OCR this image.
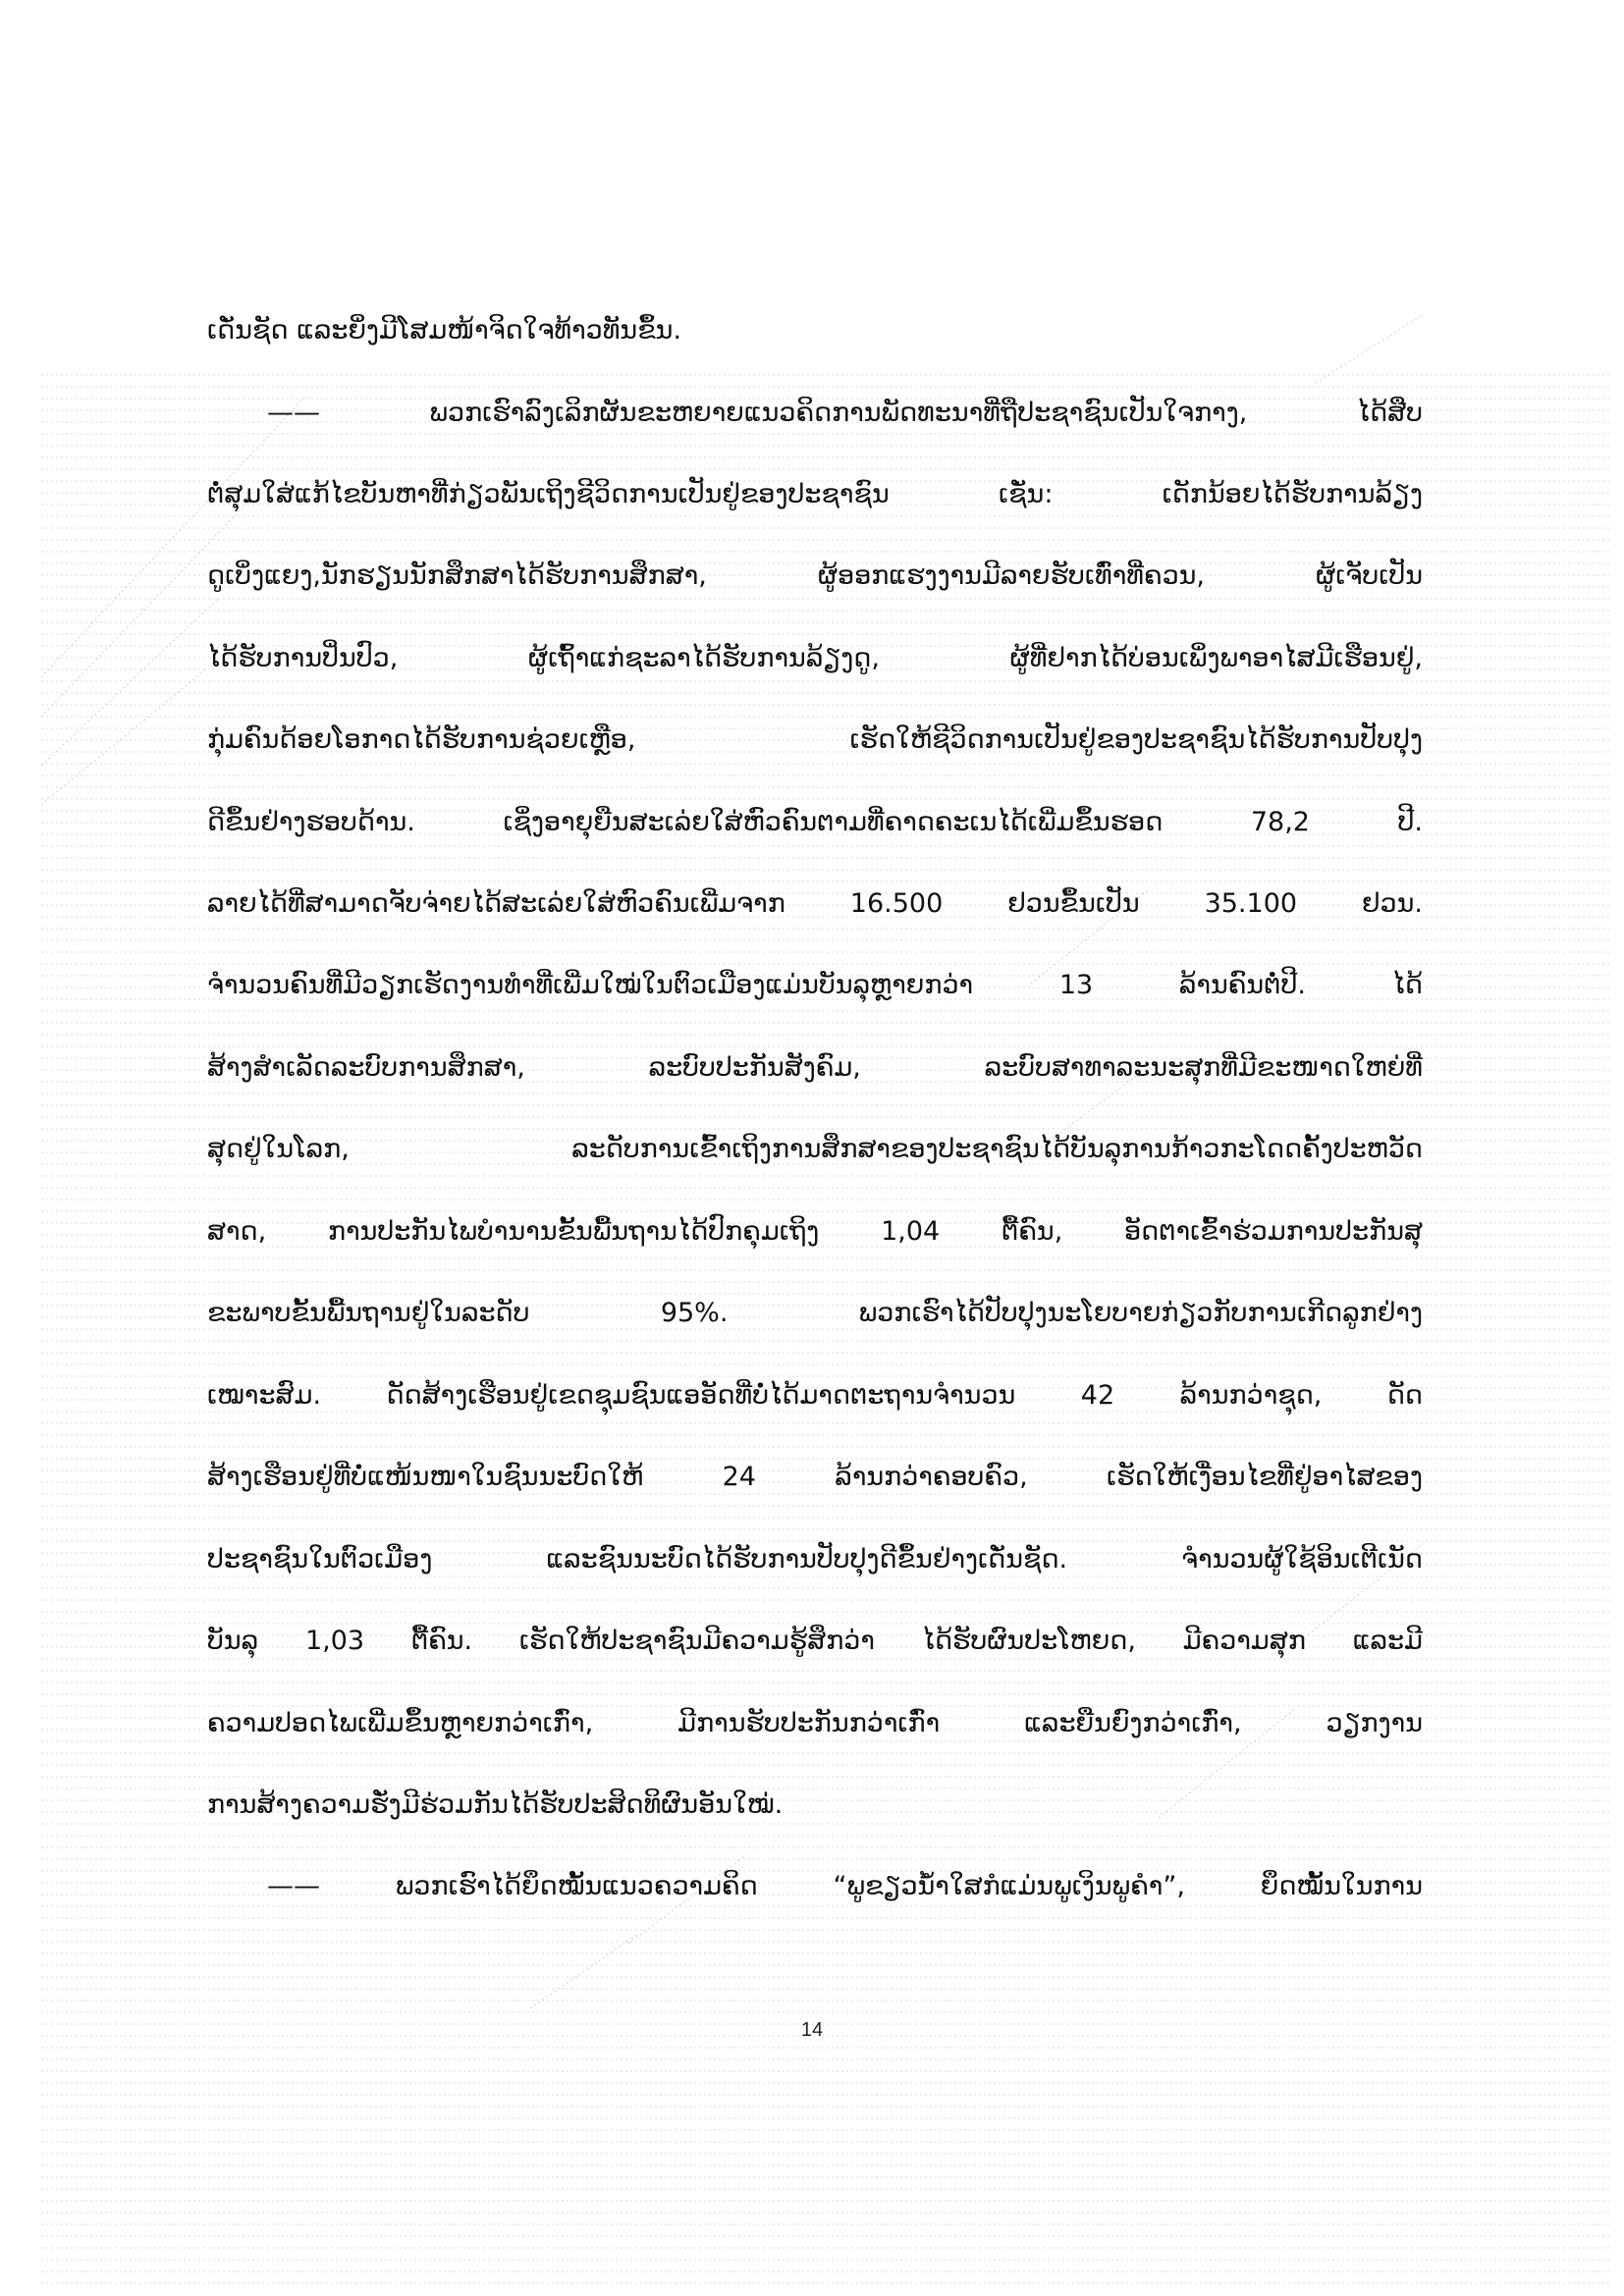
ເດັ່ນຊັດ ແລະຍິ່ງມີໂສມໜ້າຈິດໃຈທ້າວທັນຂຶ້ນ.
—— ພວກເຮົາລົງເລິກຜັນຂະຫຍາຍແນວຄິດການພັດທະນາທີ່ຖືປະຊາຊົນເປັນໃຈກາງ, ໄດ້ສືບ
ຕໍ່ສຸມໃສ່ແກ້ໄຂບັນຫາທີ່ກ່ຽວພັນເຖິງຊີວິດການເປັນຢູ່ຂອງປະຊາຊົນ ເຊັ່ນ: ເດັກນ້ອຍໄດ້ຮັບການລ້ຽງ
ດູເບິ່ງແຍງ,ນັກຮຽນນັກສຶກສາໄດ້ຮັບການສຶກສາ, ຜູ້ອອກແຮງງານມີລາຍຮັບເທົ່າທີ່ຄວນ, ຜູ້ເຈັບເປັນ
ໄດ້ຮັບການປິ່ນປົວ, ຜູ້ເຖົ້າແກ່ຊະລາໄດ້ຮັບການລ້ຽງດູ, ຜູ້ທີ່ຢາກໄດ້ບ່ອນເພິ່ງພາອາໄສມີເຮືອນຢູ່,
ກຸ່ມຄົນດ້ອຍໂອກາດໄດ້ຮັບການຊ່ວຍເຫຼືອ, ເຮັດໃຫ້ຊີວິດການເປັນຢູ່ຂອງປະຊາຊົນໄດ້ຮັບການປັບປຸງ
ດີຂຶ້ນຢ່າງຮອບດ້ານ. ເຊິ່ງອາຍຸຍືນສະເລ່ຍໃສ່ຫົວຄົນຕາມທີ່ຄາດຄະເນໄດ້ເພີ່ມຂຶ້ນຮອດ 78,2 ປີ.
ລາຍໄດ້ທີ່ສາມາດຈັບຈ່າຍໄດ້ສະເລ່ຍໃສ່ຫົວຄົນເພີ່ມຈາກ 16.500 ຢວນຂຶ້ນເປັນ 35.100 ຢວນ.
ຈຳນວນຄົນທີ່ມີວຽກເຮັດງານທຳທີ່ເພີ່ມໃໝ່ໃນຕົວເມືອງແມ່ນບັນລຸຫຼາຍກວ່າ 13 ລ້ານຄົນຕໍ່ປີ. ໄດ້
ສ້າງສຳເລັດລະບົບການສຶກສາ, ລະບົບປະກັນສັງຄົມ, ລະບົບສາທາລະນະສຸກທີ່ມີຂະໜາດໃຫຍ່ທີ່
ສຸດຢູ່ໃນໂລກ, ລະດັບການເຂົ້າເຖິງການສຶກສາຂອງປະຊາຊົນໄດ້ບັນລຸການກ້າວກະໂດດຄັ້ງປະຫວັດ
ສາດ, ການປະກັນໄພບຳນານຂັ້ນພື້ນຖານໄດ້ປົກຄຸມເຖິງ 1,04 ຕື້ຄົນ, ອັດຕາເຂົ້າຮ່ວມການປະກັນສຸ
ຂະພາບຂັ້ນພື້ນຖານຢູ່ໃນລະດັບ 95%. ພວກເຮົາໄດ້ປັບປຸງນະໂຍບາຍກ່ຽວກັບການເກີດລູກຢ່າງ
ເໝາະສົມ. ດັດສ້າງເຮືອນຢູ່ເຂດຊຸມຊົນແອອັດທີ່ບໍ່ໄດ້ມາດຕະຖານຈຳນວນ 42 ລ້ານກວ່າຊຸດ, ດັດ
ສ້າງເຮືອນຢູ່ທີ່ບໍ່ແໜ້ນໜາໃນຊົນນະບົດໃຫ້ 24 ລ້ານກວ່າຄອບຄົວ, ເຮັດໃຫ້ເງື່ອນໄຂທີ່ຢູ່ອາໄສຂອງ
ປະຊາຊົນໃນຕົວເມືອງ ແລະຊົນນະບົດໄດ້ຮັບການປັບປຸງດີຂຶ້ນຢ່າງເດັ່ນຊັດ. ຈຳນວນຜູ້ໃຊ້ອິນເຕີເນັດ
ບັນລຸ 1,03 ຕື້ຄົນ. ເຮັດໃຫ້ປະຊາຊົນມີຄວາມຮູ້ສຶກວ່າ ໄດ້ຮັບຜົນປະໂຫຍດ, ມີຄວາມສຸກ ແລະມີ
ຄວາມປອດໄພເພີ່ມຂຶ້ນຫຼາຍກວ່າເກົ່າ, ມີການຮັບປະກັນກວ່າເກົ່າ ແລະຍືນຍົງກວ່າເກົ່າ, ວຽກງານ
ການສ້າງຄວາມຮັ່ງມີຮ່ວມກັນໄດ້ຮັບປະສິດທິຜົນອັນໃໝ່.
—— ພວກເຮົາໄດ້ຍຶດໝັ້ນແນວຄວາມຄິດ “ພູຂຽວນ້ຳໃສກໍແມ່ນພູເງິນພູຄຳ”, ຍຶດໝັ້ນໃນການ
14
